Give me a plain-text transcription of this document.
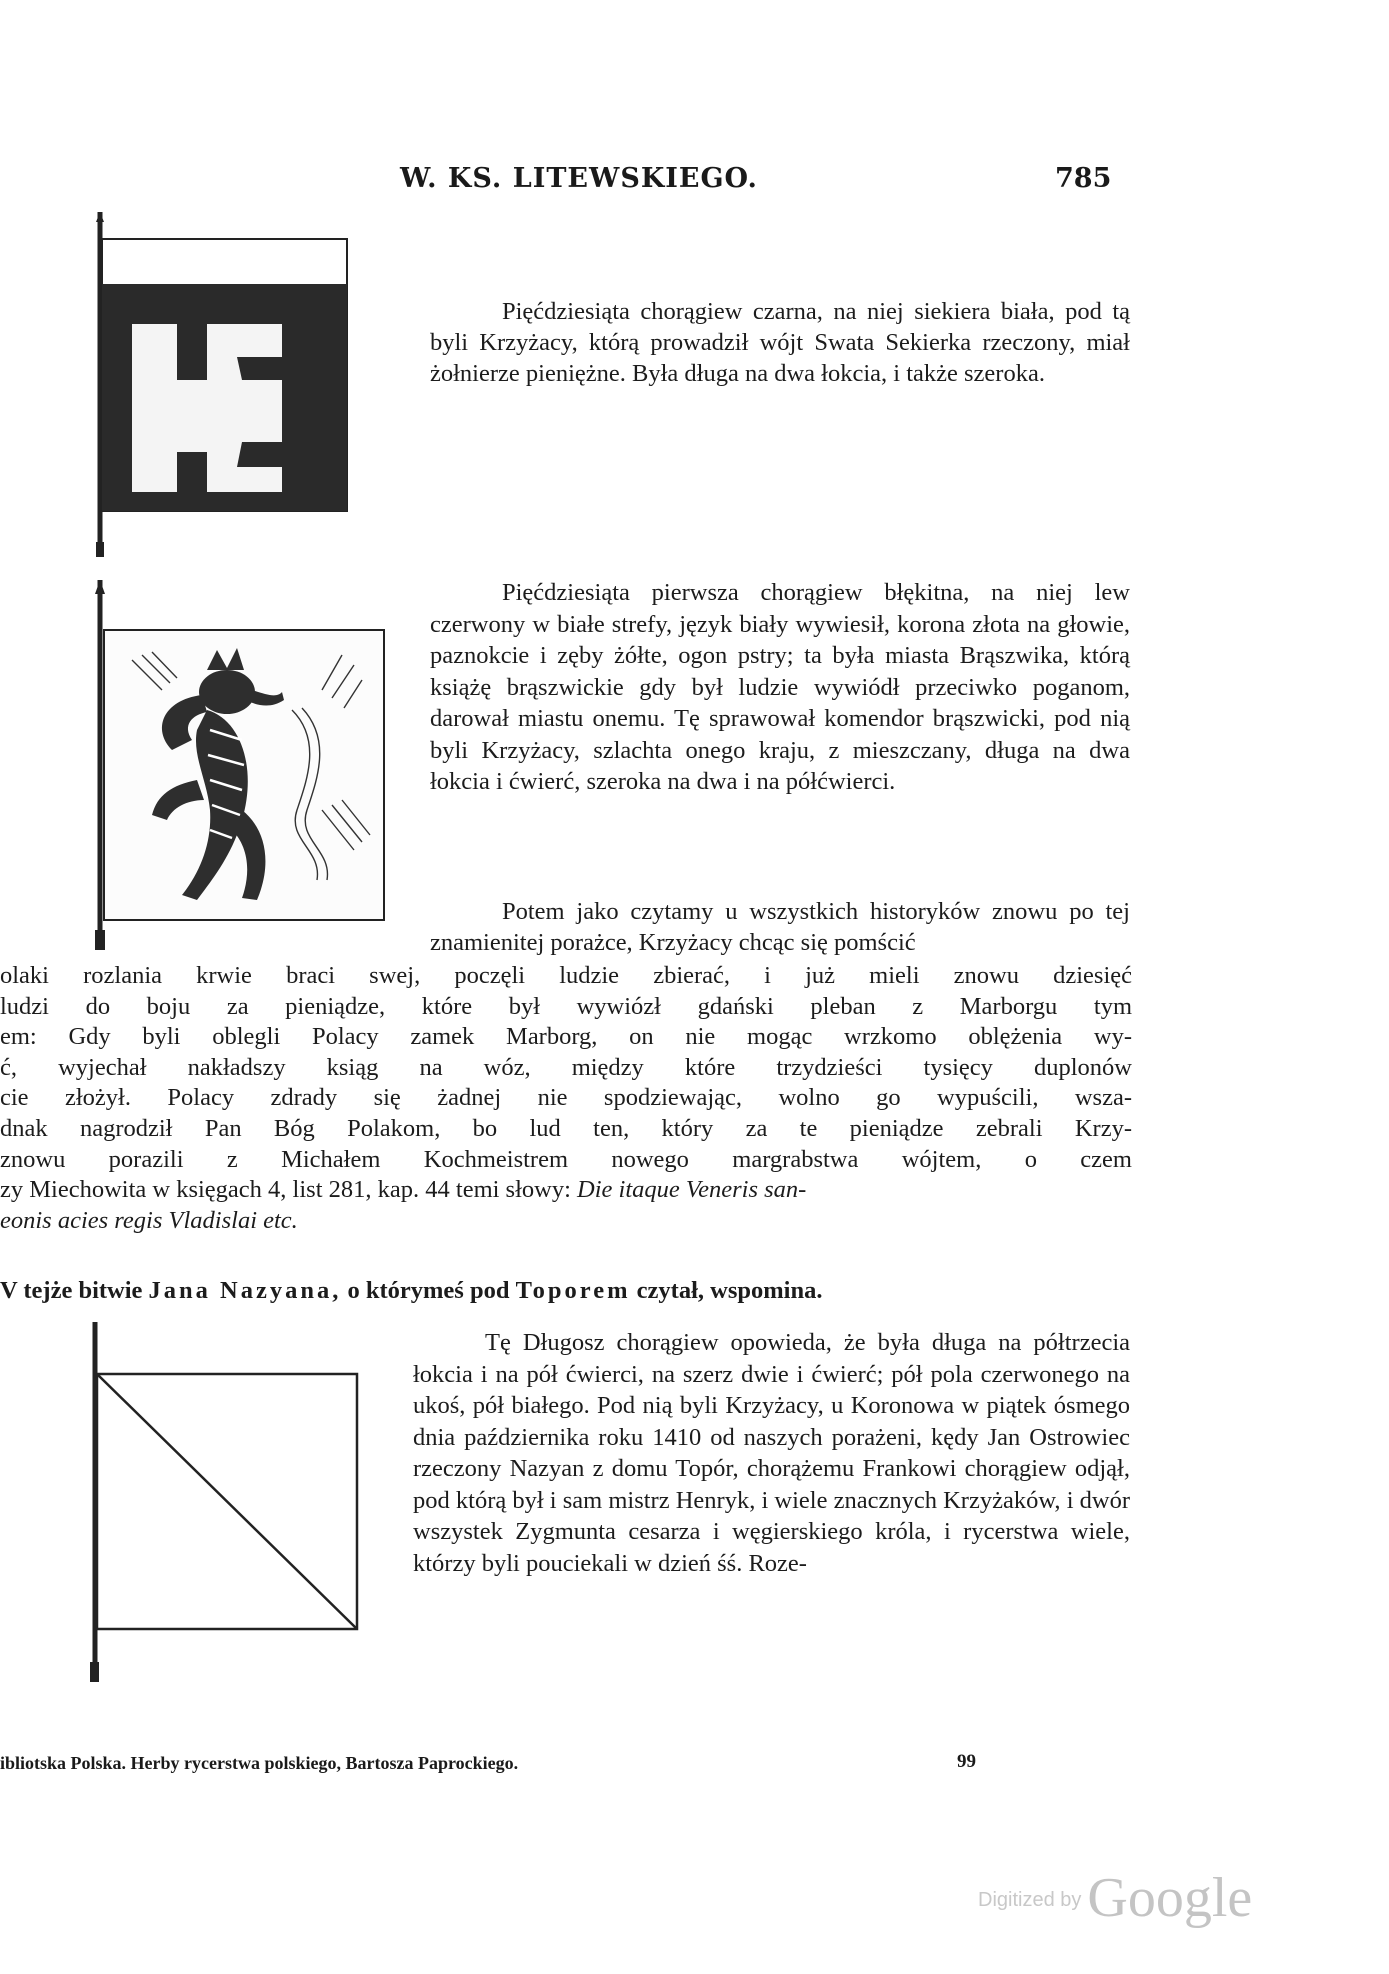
W. KS. LITEWSKIEGO.	785

Pięćdziesiąta chorągiew czarna, na niej siekiera biała, pod tą byli Krzyżacy, którą prowadził wójt Swata Sekierka rzeczony, miał żołnierze pieniężne. Była długa na dwa łokcia, i także szeroka.

Pięćdziesiąta pierwsza chorągiew błękitna, na niej lew czerwony w białe strefy, język biały wywiesił, korona złota na głowie, paznokcie i zęby żółte, ogon pstry; ta była miasta Brąszwika, którą książę brąszwickie gdy był ludzie wywiódł przeciwko poganom, darował miastu onemu. Tę sprawował komendor brąszwicki, pod nią byli Krzyżacy, szlachta onego kraju, z mieszczany, długa na dwa łokcia i ćwierć, szeroka na dwa i na półćwierci.

Potem jako czytamy u wszystkich historyków znowu po tej znamienitej porażce, Krzyżacy chcąc się pomścić

olaki rozlania krwie braci swej, poczęli ludzie zbierać, i już mieli znowu dziesięć
ludzi do boju za pieniądze, które był wywiózł gdański pleban z Marborgu tym
em: Gdy byli oblegli Polacy zamek Marborg, on nie mogąc wrzkomo oblężenia wy-
ć, wyjechał nakładszy ksiąg na wóz, między które trzydzieści tysięcy duplonów
cie złożył. Polacy zdrady się żadnej nie spodziewając, wolno go wypuścili, wsza-
dnak nagrodził Pan Bóg Polakom, bo lud ten, który za te pieniądze zebrali Krzy-
znowu porazili z Michałem Kochmeistrem nowego margrabstwa wójtem, o czem
zy Miechowita w księgach 4, list 281, kap. 44 temi słowy: Die itaque Veneris san-
eonis acies regis Vladislai etc.
V tejże bitwie Jana Nazyana, o którymeś pod Toporem czytał, wspomina.

Tę Długosz chorągiew opowieda, że była długa na półtrzecia łokcia i na pół ćwierci, na szerz dwie i ćwierć; pół pola czerwonego na ukoś, pół białego. Pod nią byli Krzyżacy, u Koronowa w piątek ósmego dnia października roku 1410 od naszych porażeni, kędy Jan Ostrowiec rzeczony Nazyan z domu Topór, chorążemu Frankowi chorągiew odjął, pod którą był i sam mistrz Henryk, i wiele znacznych Krzyżaków, i dwór wszystek Zygmunta cesarza i węgierskiego króla, i rycerstwa wiele, którzy byli pouciekali w dzień śś. Roze-

ibliotska Polska. Herby rycerstwa polskiego, Bartosza Paprockiego.	99
Digitized by Google
